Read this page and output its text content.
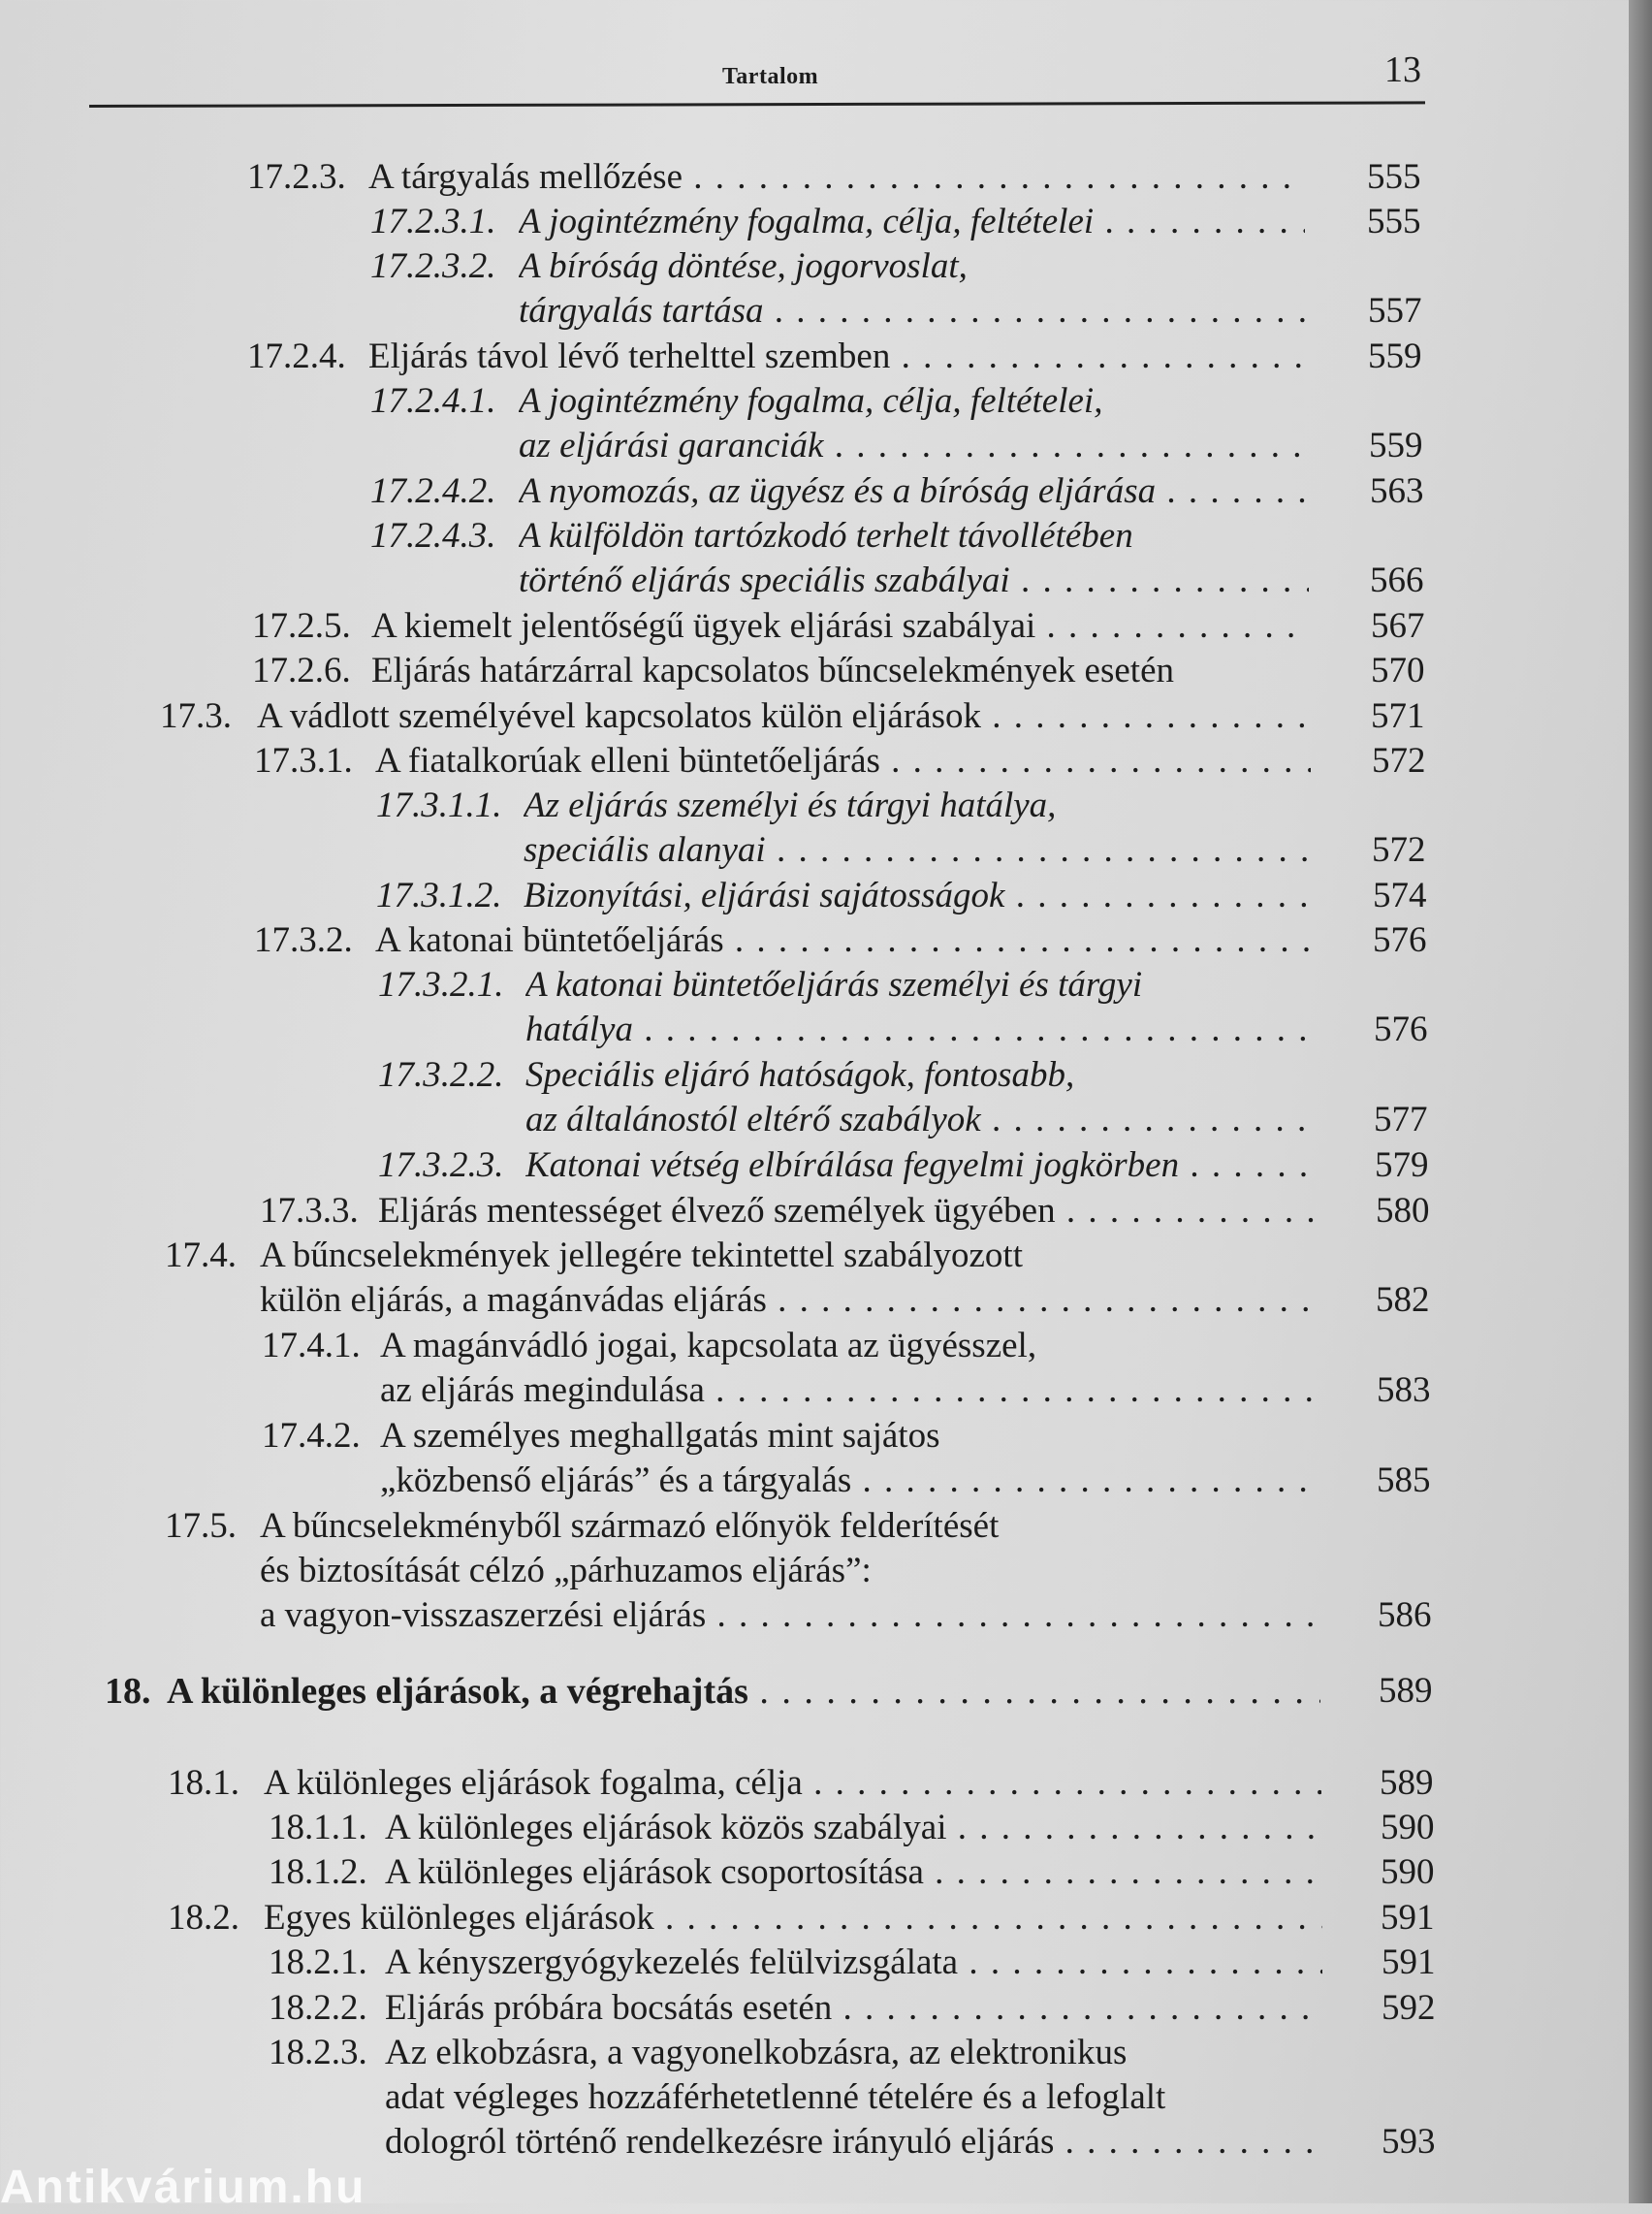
Tartalom	13
17.2.3. A tárgyalás mellőzése . . .	555
17.2.3.1. A jogintézmény fogalma, célja, feltételei . . .	555
17.2.3.2. A bíróság döntése, jogorvoslat,
tárgyalás tartása . . .	557
17.2.4. Eljárás távol lévő terhelttel szemben . . .	559
17.2.4.1. A jogintézmény fogalma, célja, feltételei,
az eljárási garanciák . . .	559
17.2.4.2. A nyomozás, az ügyész és a bíróság eljárása . . .	563
17.2.4.3. A külföldön tartózkodó terhelt távollétében
történő eljárás speciális szabályai . . .	566
17.2.5. A kiemelt jelentőségű ügyek eljárási szabályai . . .	567
17.2.6. Eljárás határzárral kapcsolatos bűncselekmények esetén	570
17.3. A vádlott személyével kapcsolatos külön eljárások . . .	571
17.3.1. A fiatalkorúak elleni büntetőeljárás . . .	572
17.3.1.1. Az eljárás személyi és tárgyi hatálya,
speciális alanyai . . .	572
17.3.1.2. Bizonyítási, eljárási sajátosságok . . .	574
17.3.2. A katonai büntetőeljárás . . .	576
17.3.2.1. A katonai büntetőeljárás személyi és tárgyi
hatálya . . .	576
17.3.2.2. Speciális eljáró hatóságok, fontosabb,
az általánostól eltérő szabályok . . .	577
17.3.2.3. Katonai vétség elbírálása fegyelmi jogkörben . . .	579
17.3.3. Eljárás mentességet élvező személyek ügyében . . .	580
17.4. A bűncselekmények jellegére tekintettel szabályozott
külön eljárás, a magánvádas eljárás . . .	582
17.4.1. A magánvádló jogai, kapcsolata az ügyésszel,
az eljárás megindulása . . .	583
17.4.2. A személyes meghallgatás mint sajátos
„közbenső eljárás” és a tárgyalás . . .	585
17.5. A bűncselekményből származó előnyök felderítését
és biztosítását célzó „párhuzamos eljárás”:
a vagyon-visszaszerzési eljárás . . .	586
18. A különleges eljárások, a végrehajtás . . .	589
18.1. A különleges eljárások fogalma, célja . . .	589
18.1.1. A különleges eljárások közös szabályai . . .	590
18.1.2. A különleges eljárások csoportosítása . . .	590
18.2. Egyes különleges eljárások . . .	591
18.2.1. A kényszergyógykezelés felülvizsgálata . . .	591
18.2.2. Eljárás próbára bocsátás esetén . . .	592
18.2.3. Az elkobzásra, a vagyonelkobzásra, az elektronikus
adat végleges hozzáférhetetlenné tételére és a lefoglalt
dologról történő rendelkezésre irányuló eljárás . . .	593
Antikvárium.hu
